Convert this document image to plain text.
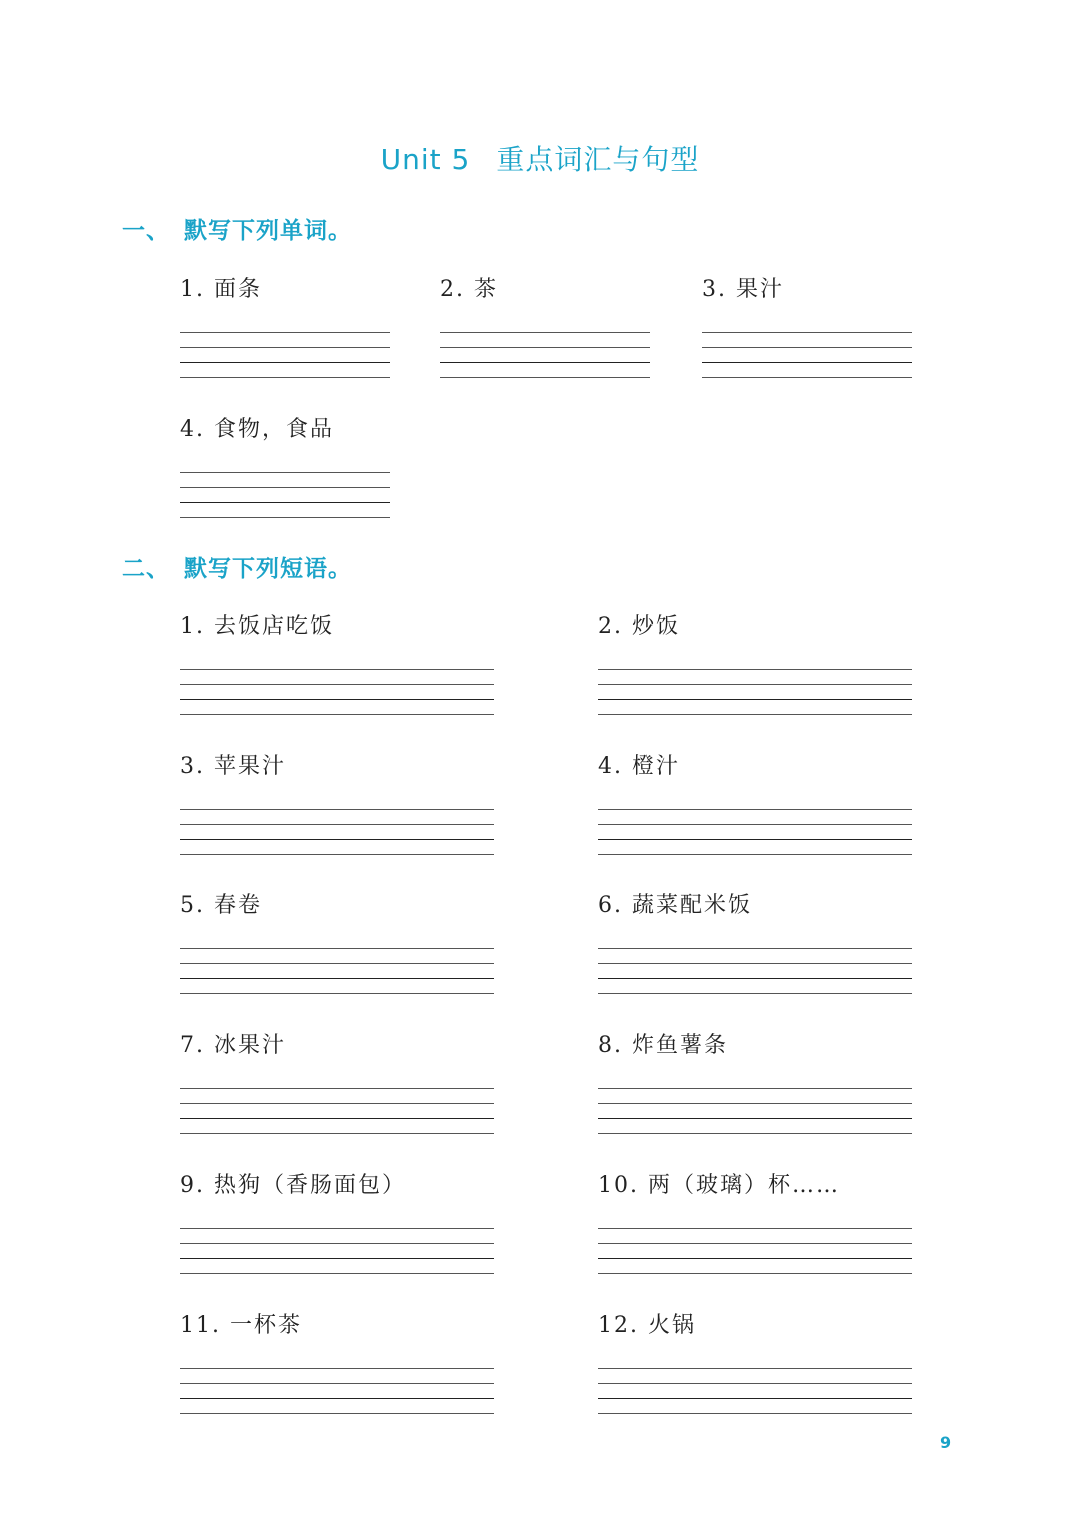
Unit 5 重点词汇与句型
一、 默写下列单词。
1. 面条	2. 茶	3. 果汁
4. 食物，食品
二、 默写下列短语。
1. 去饭店吃饭	2. 炒饭
3. 苹果汁	4. 橙汁
5. 春卷	6. 蔬菜配米饭
7. 冰果汁	8. 炸鱼薯条
9. 热狗（香肠面包）	10. 两（玻璃）杯……
11. 一杯茶	12. 火锅
9
